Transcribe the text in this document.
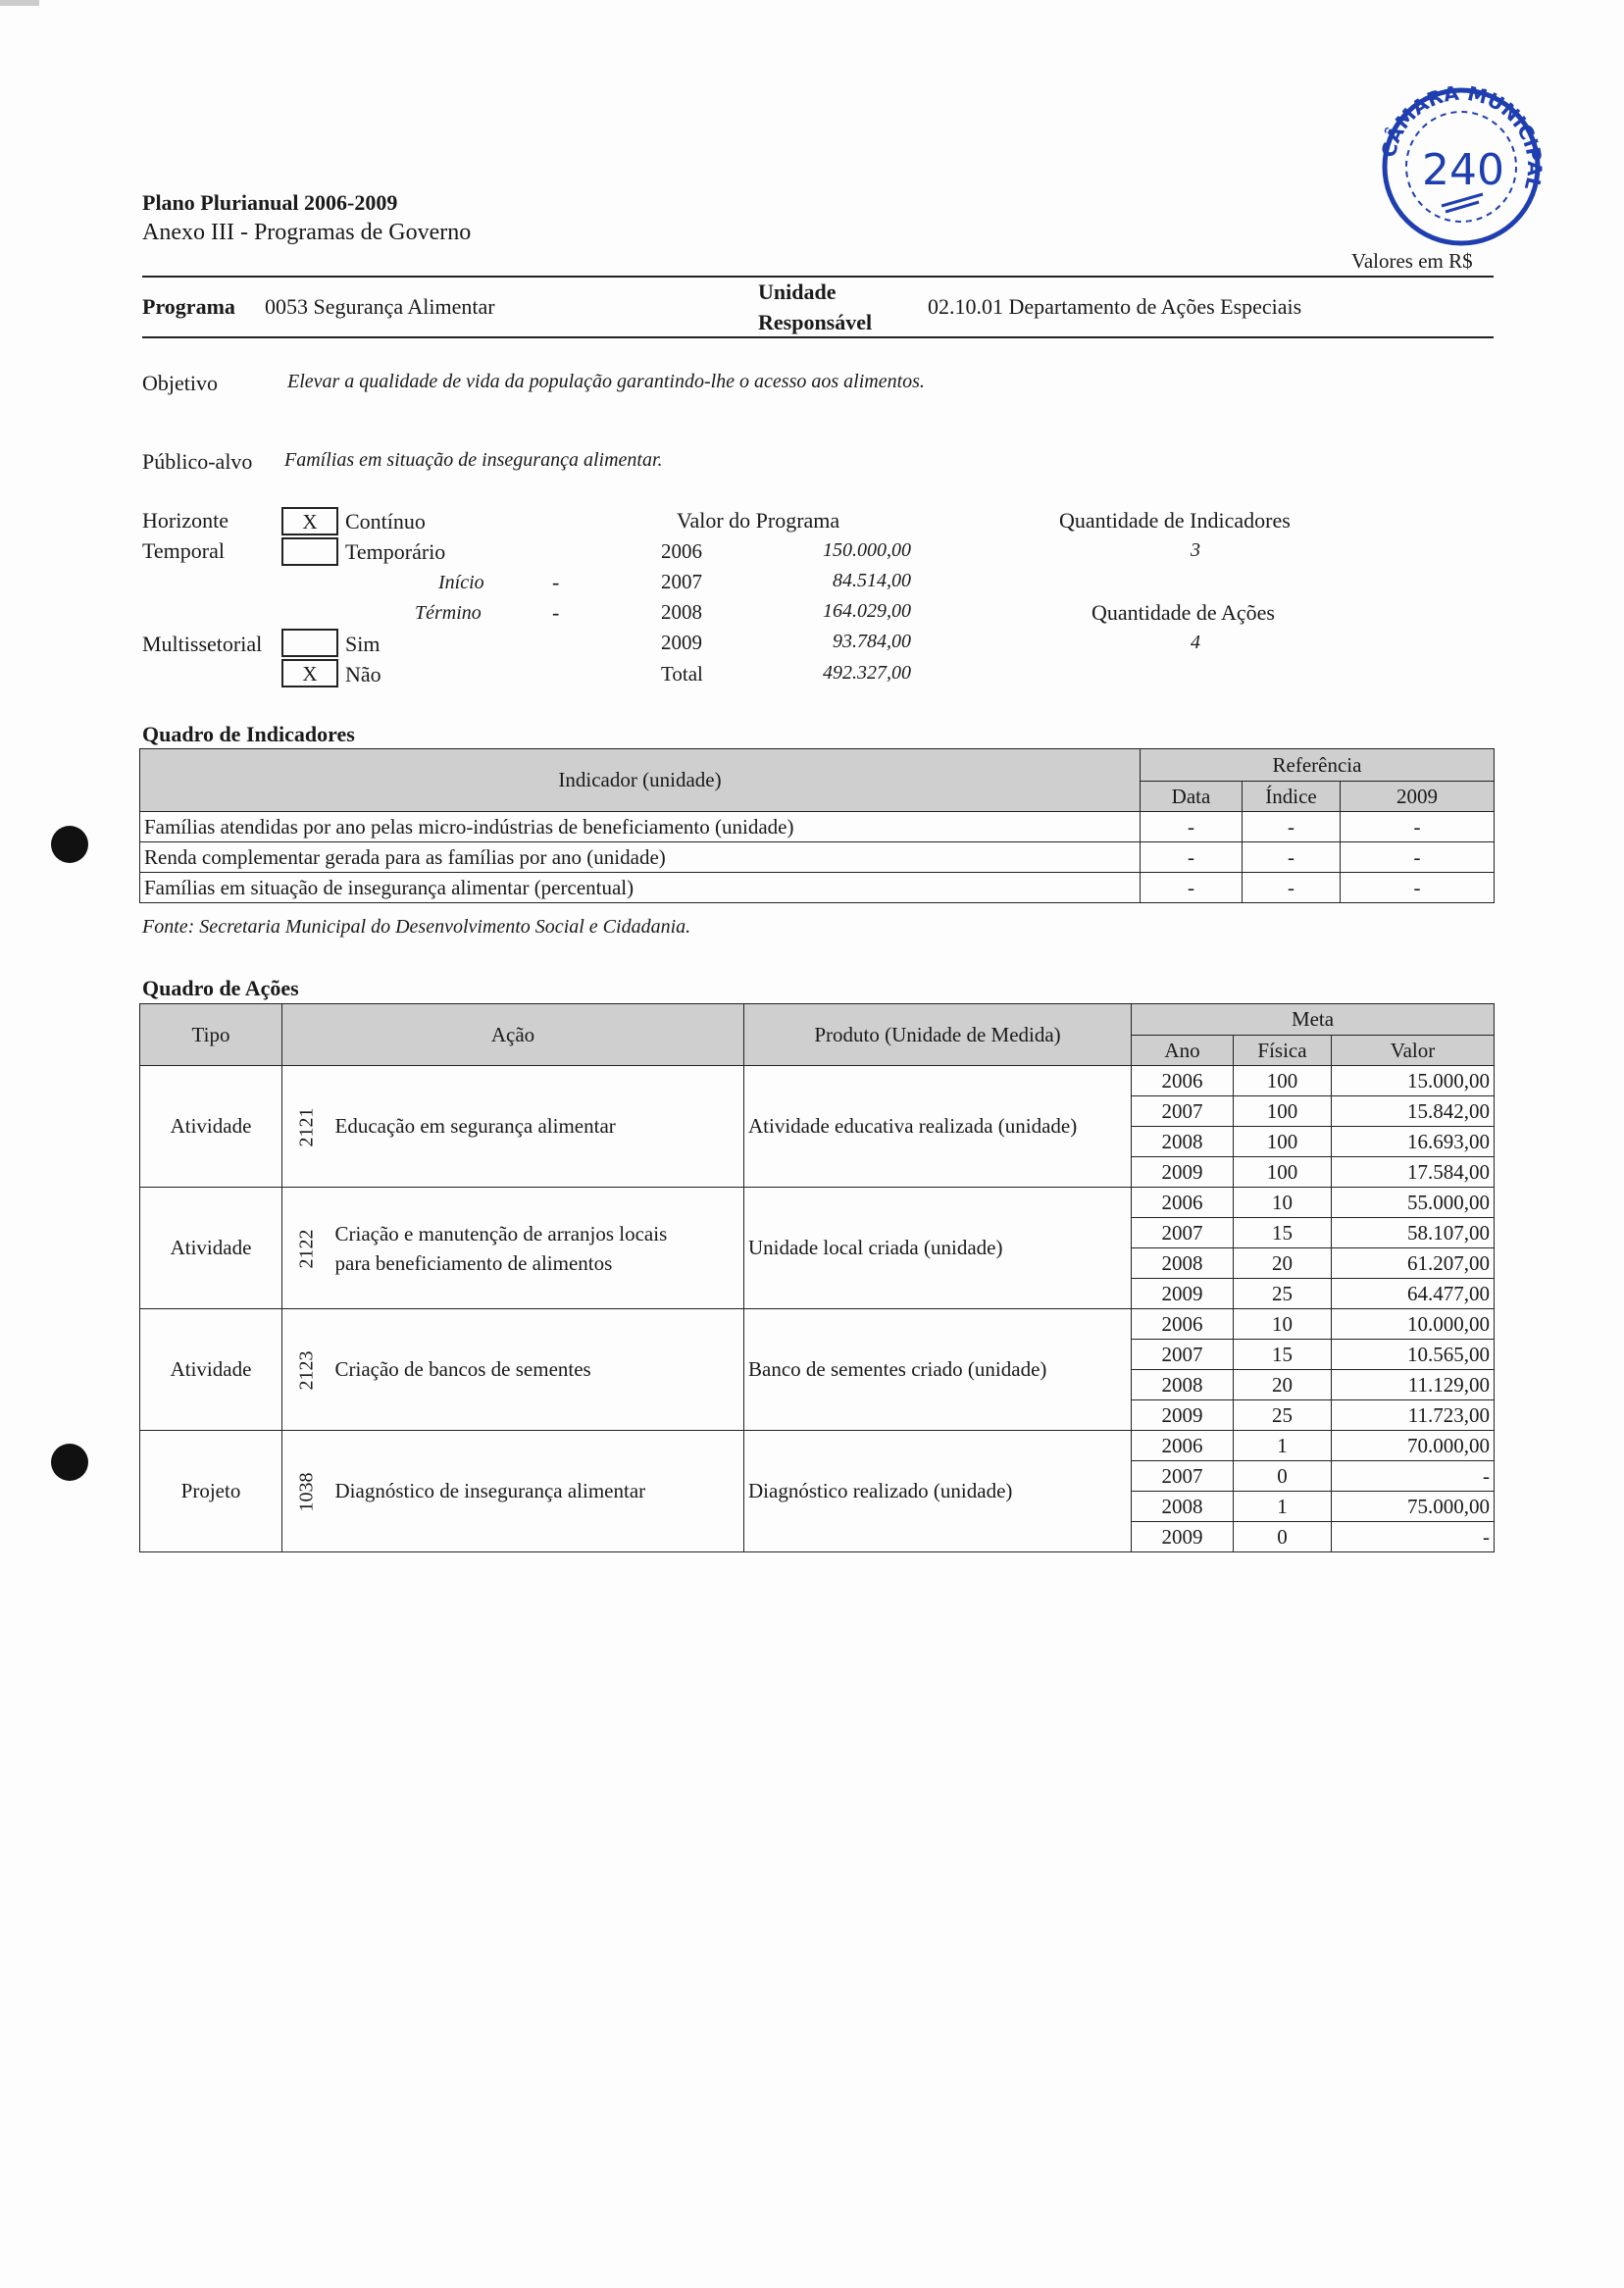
CÂMARA MUNICIPAL
240
Plano Plurianual 2006-2009
Anexo III - Programas de Governo
Valores em R$
Programa 0053 Segurança Alimentar
Unidade
Responsável
02.10.01 Departamento de Ações Especiais
Objetivo	Elevar a qualidade de vida da população garantindo-lhe o acesso aos alimentos.
Público-alvo Famílias em situação de insegurança alimentar.
Horizonte
Temporal
X	Contínuo
Temporário
Início	-
Término	-
Multissetorial	Sim
X	Não
Valor do Programa
2006	150.000,00
2007	84.514,00
2008	164.029,00
2009	93.784,00
Total	492.327,00
Quantidade de Indicadores
3
Quantidade de Ações
4
Quadro de Indicadores
Indicador (unidade)	Referência		
	Data	Índice	2009
Famílias atendidas por ano pelas micro-indústrias de beneficiamento (unidade)	-	-	-
Renda complementar gerada para as famílias por ano (unidade)	-	-	-
Famílias em situação de insegurança alimentar (percentual)	-	-	-
Fonte: Secretaria Municipal do Desenvolvimento Social e Cidadania.
Quadro de Ações
Tipo	Ação		Produto (Unidade de Medida)	Meta		
				Ano	Física	Valor
Atividade	2121	Educação em segurança alimentar	Atividade educativa realizada (unidade)	2006	100	15.000,00
				2007	100	15.842,00
				2008	100	16.693,00
				2009	100	17.584,00
Atividade	2122	Criação e manutenção de arranjos locais
para beneficiamento de alimentos	Unidade local criada (unidade)	2006	10	55.000,00
				2007	15	58.107,00
				2008	20	61.207,00
				2009	25	64.477,00
Atividade	2123	Criação de bancos de sementes	Banco de sementes criado (unidade)	2006	10	10.000,00
				2007	15	10.565,00
				2008	20	11.129,00
				2009	25	11.723,00
Projeto	1038	Diagnóstico de insegurança alimentar	Diagnóstico realizado (unidade)	2006	1	70.000,00
				2007	0	-
				2008	1	75.000,00
				2009	0	-
